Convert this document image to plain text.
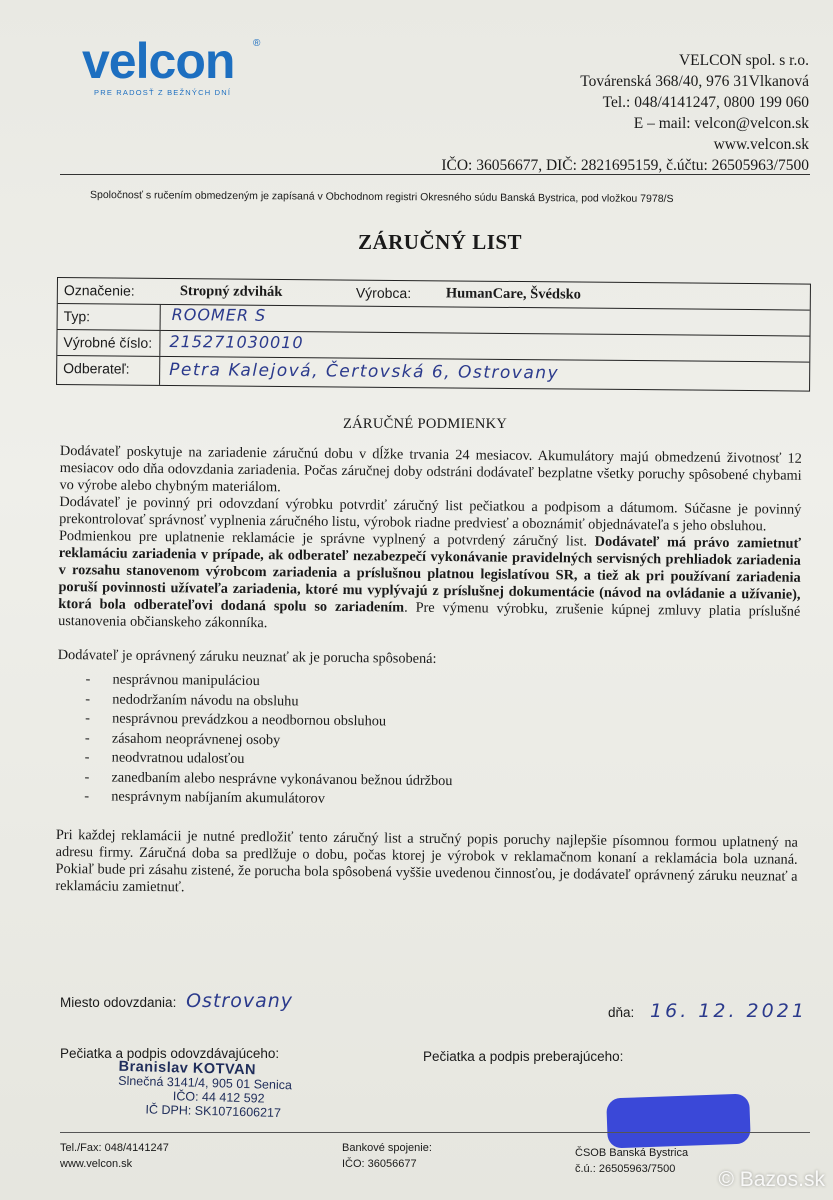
velcon ®
PRE RADOSŤ Z BEŽNÝCH DNÍ
VELCON spol. s r.o.
Továrenská 368/40, 976 31Vlkanová
Tel.: 048/4141247, 0800 199 060
E – mail: velcon@velcon.sk
www.velcon.sk
IČO: 36056677, DIČ: 2821695159, č.účtu: 26505963/7500
Spoločnosť s ručením obmedzeným je zapísaná v Obchodnom registri Okresného súdu Banská Bystrica, pod vložkou 7978/S
ZÁRUČNÝ LIST
Označenie:	Stropný zdvihák	Výrobca: HumanCare, Švédsko
Typ:	ROOMER S
Výrobné číslo: 215271030010
Odberateľ: Petra Kalejová, Čertovská 6, Ostrovany
ZÁRUČNÉ PODMIENKY

Dodávateľ poskytuje na zariadenie záručnú dobu v dĺžke trvania 24 mesiacov. Akumulátory majú obmedzenú životnosť 12 mesiacov odo dňa odovzdania zariadenia. Počas záručnej doby odstráni dodávateľ bezplatne všetky poruchy spôsobené chybami vo výrobe alebo chybným materiálom.

Dodávateľ je povinný pri odovzdaní výrobku potvrdiť záručný list pečiatkou a podpisom a dátumom. Súčasne je povinný prekontrolovať správnosť vyplnenia záručného listu, výrobok riadne predviesť a oboznámiť objednávateľa s jeho obsluhou.

Podmienkou pre uplatnenie reklamácie je správne vyplnený a potvrdený záručný list. Dodávateľ má právo zamietnuť reklamáciu zariadenia v prípade, ak odberateľ nezabezpečí vykonávanie pravidelných servisných prehliadok zariadenia v rozsahu stanovenom výrobcom zariadenia a príslušnou platnou legislatívou SR, a tiež ak pri používaní zariadenia poruší povinnosti užívateľa zariadenia, ktoré mu vyplývajú z príslušnej dokumentácie (návod na ovládanie a užívanie), ktorá bola odberateľovi dodaná spolu so zariadením. Pre výmenu výrobku, zrušenie kúpnej zmluvy platia príslušné ustanovenia občianskeho zákonníka.

Dodávateľ je oprávnený záruku neuznať ak je porucha spôsobená:

- nesprávnou manipuláciou
- nedodržaním návodu na obsluhu
- nesprávnou prevádzkou a neodbornou obsluhou
- zásahom neoprávnenej osoby
- neodvratnou udalosťou
- zanedbaním alebo nesprávne vykonávanou bežnou údržbou
- nesprávnym nabíjaním akumulátorov

Pri každej reklamácii je nutné predložiť tento záručný list a stručný popis poruchy najlepšie písomnou formou uplatnený na adresu firmy. Záručná doba sa predlžuje o dobu, počas ktorej je výrobok v reklamačnom konaní a reklamácia bola uznaná. Pokiaľ bude pri zásahu zistené, že porucha bola spôsobená vyššie uvedenou činnosťou, je dodávateľ oprávnený záruku neuznať a reklamáciu zamietnuť.

Miesto odovzdania: Ostrovany
dňa: 16. 12. 2021
Pečiatka a podpis odovzdávajúceho:	Pečiatka a podpis preberajúceho:
Branislav KOTVAN
Slnečná 3141/4, 905 01 Senica
IČO: 44 412 592
IČ DPH: SK1071606217
Tel./Fax: 048/4141247
www.velcon.sk
Bankové spojenie:
IČO: 36056677
ČSOB Banská Bystrica
č.ú.: 26505963/7500	© Bazos.sk
